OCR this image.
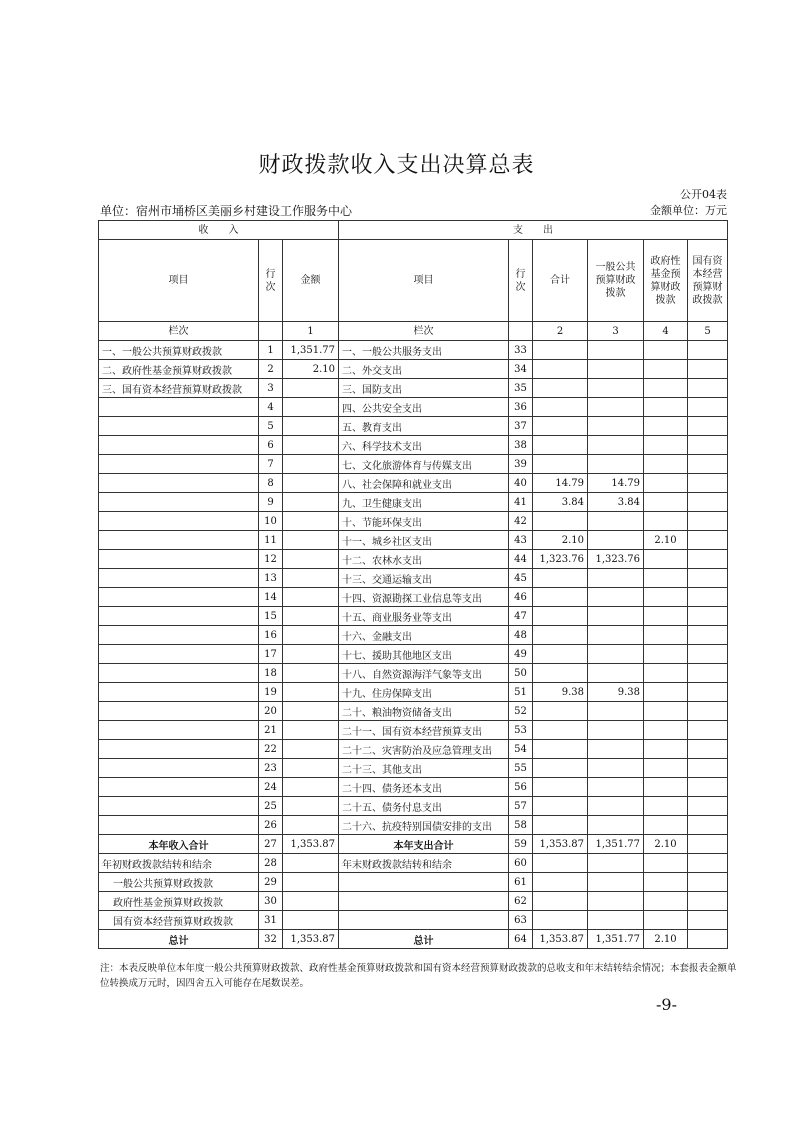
财政拨款收入支出决算总表
公开04表
单位：宿州市埇桥区美丽乡村建设工作服务中心	金额单位：万元
收　　入			支　　出					
项目	行次	金额	项目	行次	合计	一般公共预算财政拨款	政府性基金预算财政拨款	国有资本经营预算财政拨款
栏次		1	栏次		2	3	4	5
一、一般公共预算财政拨款	1	1,351.77	一、一般公共服务支出	33				
二、政府性基金预算财政拨款	2	2.10	二、外交支出	34				
三、国有资本经营预算财政拨款	3		三、国防支出	35				
	4		四、公共安全支出	36				
	5		五、教育支出	37				
	6		六、科学技术支出	38				
	7		七、文化旅游体育与传媒支出	39				
	8		八、社会保障和就业支出	40	14.79	14.79		
	9		九、卫生健康支出	41	3.84	3.84		
	10		十、节能环保支出	42				
	11		十一、城乡社区支出	43	2.10		2.10	
	12		十二、农林水支出	44	1,323.76	1,323.76		
	13		十三、交通运输支出	45				
	14		十四、资源勘探工业信息等支出	46				
	15		十五、商业服务业等支出	47				
	16		十六、金融支出	48				
	17		十七、援助其他地区支出	49				
	18		十八、自然资源海洋气象等支出	50				
	19		十九、住房保障支出	51	9.38	9.38		
	20		二十、粮油物资储备支出	52				
	21		二十一、国有资本经营预算支出	53				
	22		二十二、灾害防治及应急管理支出	54				
	23		二十三、其他支出	55				
	24		二十四、债务还本支出	56				
	25		二十五、债务付息支出	57				
	26		二十六、抗疫特别国债安排的支出	58				
本年收入合计	27	1,353.87	本年支出合计	59	1,353.87	1,351.77	2.10	
年初财政拨款结转和结余	28		年末财政拨款结转和结余	60				
一般公共预算财政拨款	29			61				
政府性基金预算财政拨款	30			62				
国有资本经营预算财政拨款	31			63				
总计	32	1,353.87	总计	64	1,353.87	1,351.77	2.10	
注：本表反映单位本年度一般公共预算财政拨款、政府性基金预算财政拨款和国有资本经营预算财政拨款的总收支和年末结转结余情况；本套报表金额单位转换成万元时，因四舍五入可能存在尾数误差。
-9-
